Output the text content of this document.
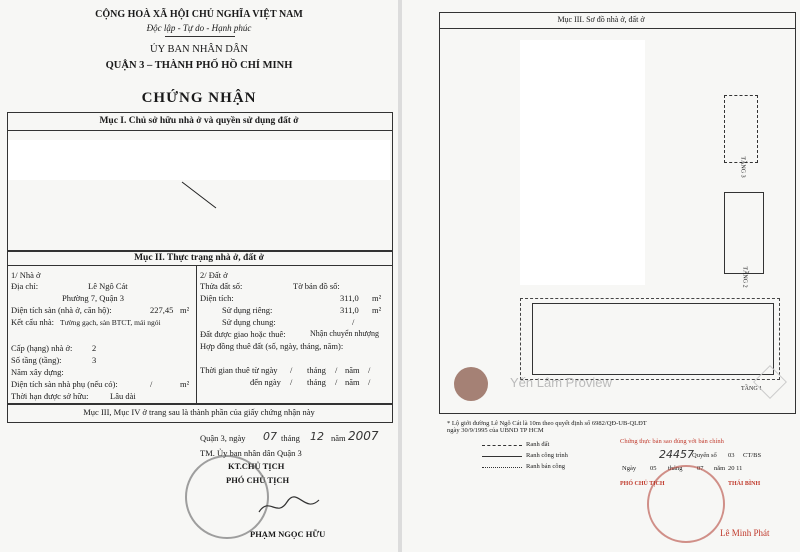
CỘNG HOÀ XÃ HỘI CHỦ NGHĨA VIỆT NAM
Độc lập - Tự do - Hạnh phúc
ỦY BAN NHÂN DÂN
QUẬN 3 – THÀNH PHỐ HỒ CHÍ MINH
CHỨNG NHẬN
Mục I. Chủ sở hữu nhà ở và quyền sử dụng đất ở
Mục II. Thực trạng nhà ở, đất ở
1/ Nhà ở
Địa chỉ:	Lê Ngô Cát
Phường 7, Quận 3
Diện tích sàn (nhà ở, căn hộ):	227,45 m²
Kết cấu nhà: Tường gạch, sàn BTCT, mái ngói
Cấp (hạng) nhà ở: 2
Số tầng (tầng):	3
Năm xây dựng:
Diện tích sàn nhà phụ (nếu có):	/	m²
Thời hạn được sở hữu:	Lâu dài
2/ Đất ở
Thửa đất số:	Tờ bản đồ số:
Diện tích:	311,0 m²
Sử dụng riêng:	311,0 m²
Sử dụng chung:	/
Đất được giao hoặc thuê:	Nhận chuyển nhượng
Hợp đồng thuê đất (số, ngày, tháng, năm):
Thời gian thuê từ ngày / tháng / năm /
đến ngày / tháng / năm /
Mục III, Mục IV ở trang sau là thành phần của giấy chứng nhận này
Quận 3, ngày 07 tháng 12 năm 2007
TM. Ủy ban nhân dân Quận 3
KT.CHỦ TỊCH
PHÓ CHỦ TỊCH
PHẠM NGỌC HỮU
Mục III. Sơ đồ nhà ở, đất ở
TẦNG 3
TẦNG 2
TẦNG 1
Yến Lâm Proview
* Lộ giới đường Lê Ngô Cát là 10m theo quyết định số 6982/QĐ-UB-QLĐT ngày 30/9/1995 của UBND TP HCM
Ranh đất
Ranh công trình
Ranh bán công
Chứng thực bản sao đúng với bản chính
24457
Quyển số 03 CT/BS
Ngày 05 tháng 07 năm 20 11
PHÓ CHỦ TỊCH	THÁI BÌNH
Lê Minh Phát
